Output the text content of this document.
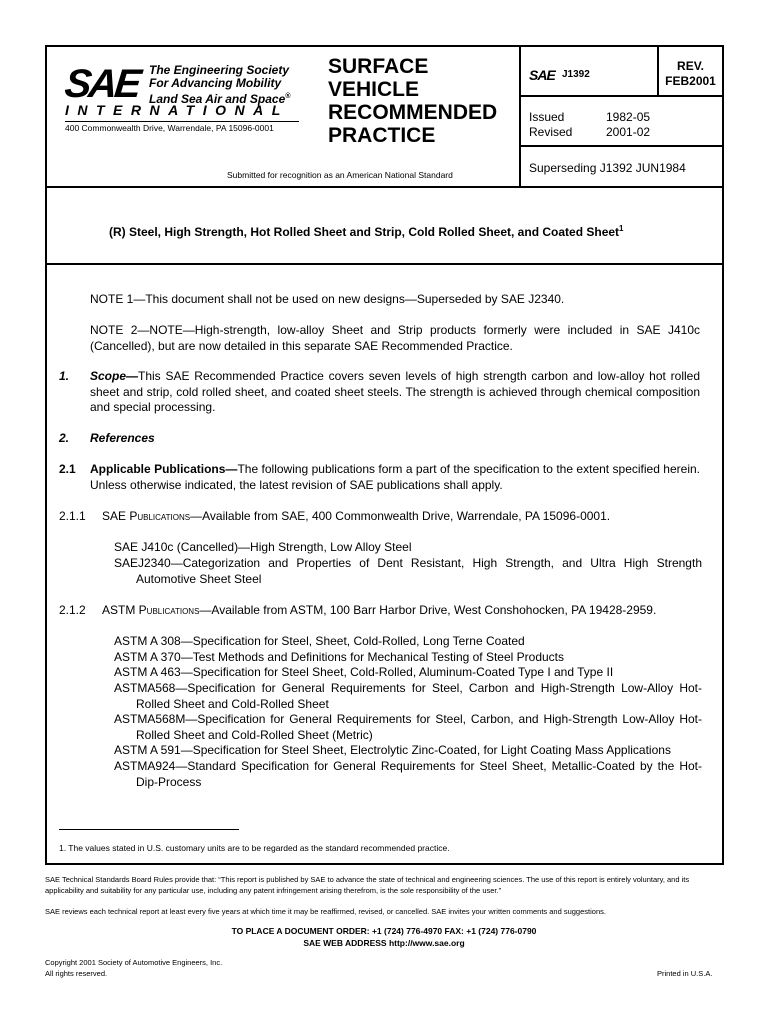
SAE The Engineering Society
For Advancing Mobility
Land Sea Air and Space®
INTERNATIONAL
400 Commonwealth Drive, Warrendale, PA 15096-0001
SURFACE
VEHICLE
RECOMMENDED
PRACTICE
Submitted for recognition as an American National Standard
SAE J1392
Issued	1982-05
Revised	2001-02
Superseding J1392 JUN1984
REV.
FEB2001
(R) Steel, High Strength, Hot Rolled Sheet and Strip, Cold Rolled Sheet, and Coated Sheet$^1$
NOTE 1—This document shall not be used on new designs—Superseded by SAE J2340.
NOTE 2—NOTE—High-strength, low-alloy Sheet and Strip products formerly were included in SAE J410c (Cancelled), but are now detailed in this separate SAE Recommended Practice.
1. Scope—This SAE Recommended Practice covers seven levels of high strength carbon and low-alloy hot rolled sheet and strip, cold rolled sheet, and coated sheet steels. The strength is achieved through chemical composition and special processing.
2. References
2.1 Applicable Publications—The following publications form a part of the specification to the extent specified herein. Unless otherwise indicated, the latest revision of SAE publications shall apply.
2.1.1 SAE Publications—Available from SAE, 400 Commonwealth Drive, Warrendale, PA 15096-0001.
SAE J410c (Cancelled)—High Strength, Low Alloy Steel
SAEJ2340—Categorization and Properties of Dent Resistant, High Strength, and Ultra High Strength Automotive Sheet Steel
2.1.2 ASTM Publications—Available from ASTM, 100 Barr Harbor Drive, West Conshohocken, PA 19428-2959.
ASTM A 308—Specification for Steel, Sheet, Cold-Rolled, Long Terne Coated
ASTM A 370—Test Methods and Definitions for Mechanical Testing of Steel Products
ASTM A 463—Specification for Steel Sheet, Cold-Rolled, Aluminum-Coated Type I and Type II
ASTMA568—Specification for General Requirements for Steel, Carbon and High-Strength Low-Alloy Hot-Rolled Sheet and Cold-Rolled Sheet
ASTMA568M—Specification for General Requirements for Steel, Carbon, and High-Strength Low-Alloy Hot-Rolled Sheet and Cold-Rolled Sheet (Metric)
ASTM A 591—Specification for Steel Sheet, Electrolytic Zinc-Coated, for Light Coating Mass Applications
ASTMA924—Standard Specification for General Requirements for Steel Sheet, Metallic-Coated by the Hot-Dip-Process
1. The values stated in U.S. customary units are to be regarded as the standard recommended practice.
SAE Technical Standards Board Rules provide that: “This report is published by SAE to advance the state of technical and engineering sciences. The use of this report is entirely voluntary, and its applicability and suitability for any particular use, including any patent infringement arising therefrom, is the sole responsibility of the user.”
SAE reviews each technical report at least every five years at which time it may be reaffirmed, revised, or cancelled. SAE invites your written comments and suggestions.
TO PLACE A DOCUMENT ORDER: +1 (724) 776-4970 FAX: +1 (724) 776-0790
SAE WEB ADDRESS http://www.sae.org
Copyright 2001 Society of Automotive Engineers, Inc.
All rights reserved.	Printed in U.S.A.
